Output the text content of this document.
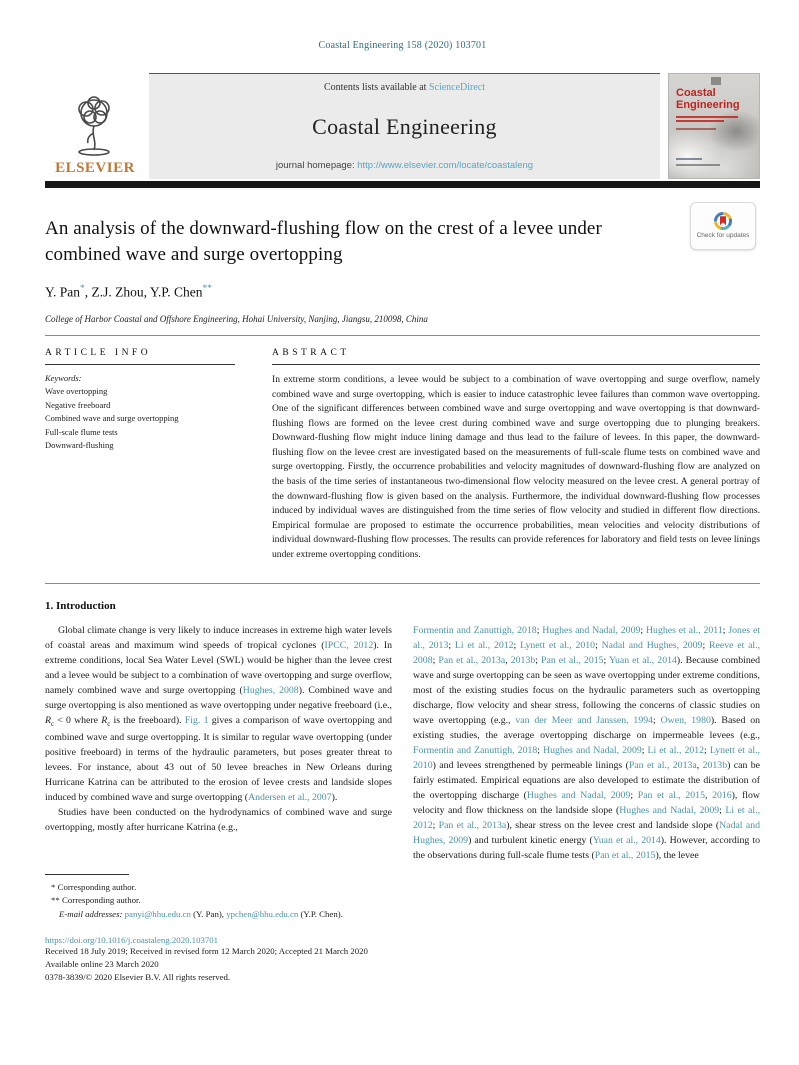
Coastal Engineering 158 (2020) 103701
ELSEVIER
Contents lists available at ScienceDirect
Coastal Engineering
journal homepage: http://www.elsevier.com/locate/coastaleng
Coastal Engineering
An analysis of the downward-flushing flow on the crest of a levee under combined wave and surge overtopping
Check for updates
Y. Pan*, Z.J. Zhou, Y.P. Chen**
College of Harbor Coastal and Offshore Engineering, Hohai University, Nanjing, Jiangsu, 210098, China
ARTICLE INFO
Keywords:
Wave overtopping
Negative freeboard
Combined wave and surge overtopping
Full-scale flume tests
Downward-flushing
ABSTRACT

In extreme storm conditions, a levee would be subject to a combination of wave overtopping and surge overflow, namely combined wave and surge overtopping, which is easier to induce catastrophic levee failures than common wave overtopping. One of the significant differences between combined wave and surge overtopping and wave overtopping is that downward-flushing flows are formed on the levee crest during combined wave and surge overtopping due to plunging breakers. Downward-flushing flow might induce lining damage and thus lead to the failure of levees. In this paper, the downward-flushing flow on the levee crest are investigated based on the measurements of full-scale flume tests on combined wave and surge overtopping. Firstly, the occurrence probabilities and velocity magnitudes of downward-flushing flow are analyzed on the basis of the time series of instantaneous two-dimensional flow velocity measured on the levee crest. A general portray of the downward-flushing flow is given based on the analysis. Furthermore, the individual downward-flushing flow processes induced by individual waves are distinguished from the time series of flow velocity and studied in different flow directions. Empirical formulae are proposed to estimate the occurrence probabilities, mean velocities and velocity distributions of individual downward-flushing flow processes. The results can provide references for laboratory and field tests on levee linings under extreme overtopping conditions.

1. Introduction

Global climate change is very likely to induce increases in extreme high water levels of coastal areas and maximum wind speeds of tropical cyclones (IPCC, 2012). In extreme conditions, local Sea Water Level (SWL) would be higher than the levee crest and a levee would be subject to a combination of wave overtopping and surge overflow, namely combined wave and surge overtopping (Hughes, 2008). Combined wave and surge overtopping is also mentioned as wave overtopping under negative freeboard (i.e., $R_c < 0$ where $R_c$ is the freeboard). Fig. 1 gives a comparison of wave overtopping and combined wave and surge overtopping. It is similar to regular wave overtopping (under positive freeboard) in terms of the hydraulic parameters, but poses greater threat to levees. For instance, about 43 out of 50 levee breaches in New Orleans during Hurricane Katrina can be attributed to the erosion of levee crests and landside slopes induced by combined wave and surge overtopping (Andersen et al., 2007).

Studies have been conducted on the hydrodynamics of combined wave and surge overtopping, mostly after hurricane Katrina (e.g.,

Formentin and Zanuttigh, 2018; Hughes and Nadal, 2009; Hughes et al., 2011; Jones et al., 2013; Li et al., 2012; Lynett et al., 2010; Nadal and Hughes, 2009; Reeve et al., 2008; Pan et al., 2013a, 2013b; Pan et al., 2015; Yuan et al., 2014). Because combined wave and surge overtopping can be seen as wave overtopping under extreme conditions, most of the existing studies focus on the hydraulic parameters such as overtopping discharge, flow velocity and shear stress, following the concerns of classic studies on wave overtopping (e.g., van der Meer and Janssen, 1994; Owen, 1980). Based on existing studies, the average overtopping discharge on impermeable levees (e.g., Formentin and Zanuttigh, 2018; Hughes and Nadal, 2009; Li et al., 2012; Lynett et al., 2010) and levees strengthened by permeable linings (Pan et al., 2013a, 2013b) can be fairly estimated. Empirical equations are also developed to estimate the distribution of the overtopping discharge (Hughes and Nadal, 2009; Pan et al., 2015, 2016), flow velocity and flow thickness on the landside slope (Hughes and Nadal, 2009; Li et al., 2012; Pan et al., 2013a), shear stress on the levee crest and landside slope (Nadal and Hughes, 2009) and turbulent kinetic energy (Yuan et al., 2014). However, according to the observations during full-scale flume tests (Pan et al., 2015), the levee

* Corresponding author.
** Corresponding author.
E-mail addresses: panyi@hhu.edu.cn (Y. Pan), ypchen@hhu.edu.cn (Y.P. Chen).
https://doi.org/10.1016/j.coastaleng.2020.103701
Received 18 July 2019; Received in revised form 12 March 2020; Accepted 21 March 2020
Available online 23 March 2020
0378-3839/© 2020 Elsevier B.V. All rights reserved.
